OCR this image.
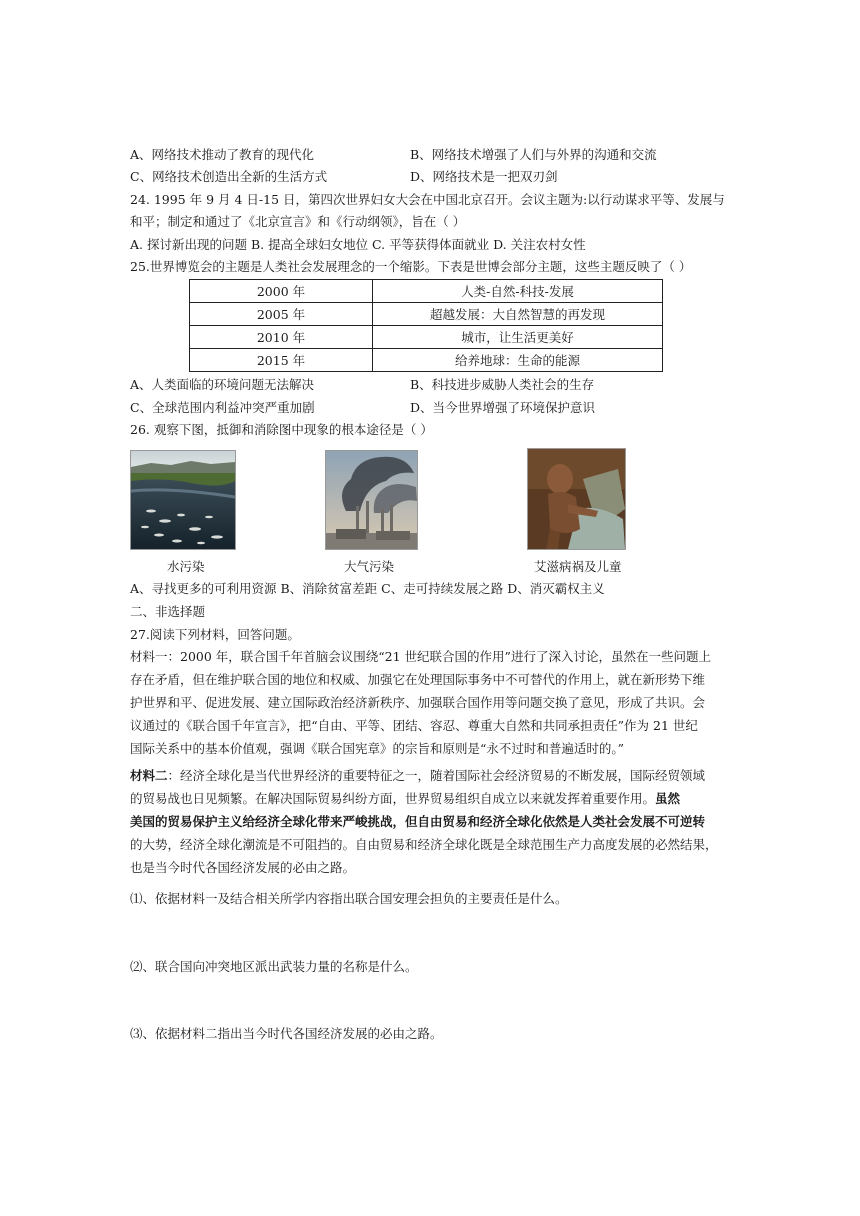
A、网络技术推动了教育的现代化	B、网络技术增强了人们与外界的沟通和交流
C、网络技术创造出全新的生活方式	D、网络技术是一把双刃剑
24. 1995 年 9 月 4 日-15 日，第四次世界妇女大会在中国北京召开。会议主题为:以行动谋求平等、发展与
和平；制定和通过了《北京宣言》和《行动纲领》，旨在（ ）
A. 探讨新出现的问题 B. 提高全球妇女地位 C. 平等获得体面就业 D. 关注农村女性
25.世界博览会的主题是人类社会发展理念的一个缩影。下表是世博会部分主题，这些主题反映了（ ）
2000 年	人类-自然-科技-发展
2005 年	超越发展：大自然智慧的再发现
2010 年	城市，让生活更美好
2015 年	给养地球：生命的能源
A、人类面临的环境问题无法解决	B、科技进步威胁人类社会的生存
C、全球范围内利益冲突严重加剧	D、当今世界增强了环境保护意识
26. 观察下图，抵御和消除图中现象的根本途径是（ ）
水污染	大气污染	艾滋病祸及儿童
A、寻找更多的可利用资源 B、消除贫富差距 C、走可持续发展之路 D、消灭霸权主义
二、非选择题
27.阅读下列材料，回答问题。
材料一：2000 年，联合国千年首脑会议围绕“21 世纪联合国的作用”进行了深入讨论，虽然在一些问题上
存在矛盾，但在维护联合国的地位和权威、加强它在处理国际事务中不可替代的作用上，就在新形势下维
护世界和平、促进发展、建立国际政治经济新秩序、加强联合国作用等问题交换了意见，形成了共识。会
议通过的《联合国千年宣言》，把“自由、平等、团结、容忍、尊重大自然和共同承担责任”作为 21 世纪
国际关系中的基本价值观，强调《联合国宪章》的宗旨和原则是“永不过时和普遍适时的。”
材料二：经济全球化是当代世界经济的重要特征之一，随着国际社会经济贸易的不断发展，国际经贸领域
的贸易战也日见频繁。在解决国际贸易纠纷方面，世界贸易组织自成立以来就发挥着重要作用。虽然
美国的贸易保护主义给经济全球化带来严峻挑战，但自由贸易和经济全球化依然是人类社会发展不可逆转
的大势，经济全球化潮流是不可阻挡的。自由贸易和经济全球化既是全球范围生产力高度发展的必然结果，
也是当今时代各国经济发展的必由之路。
⑴、依据材料一及结合相关所学内容指出联合国安理会担负的主要责任是什么。
⑵、联合国向冲突地区派出武装力量的名称是什么。
⑶、依据材料二指出当今时代各国经济发展的必由之路。
